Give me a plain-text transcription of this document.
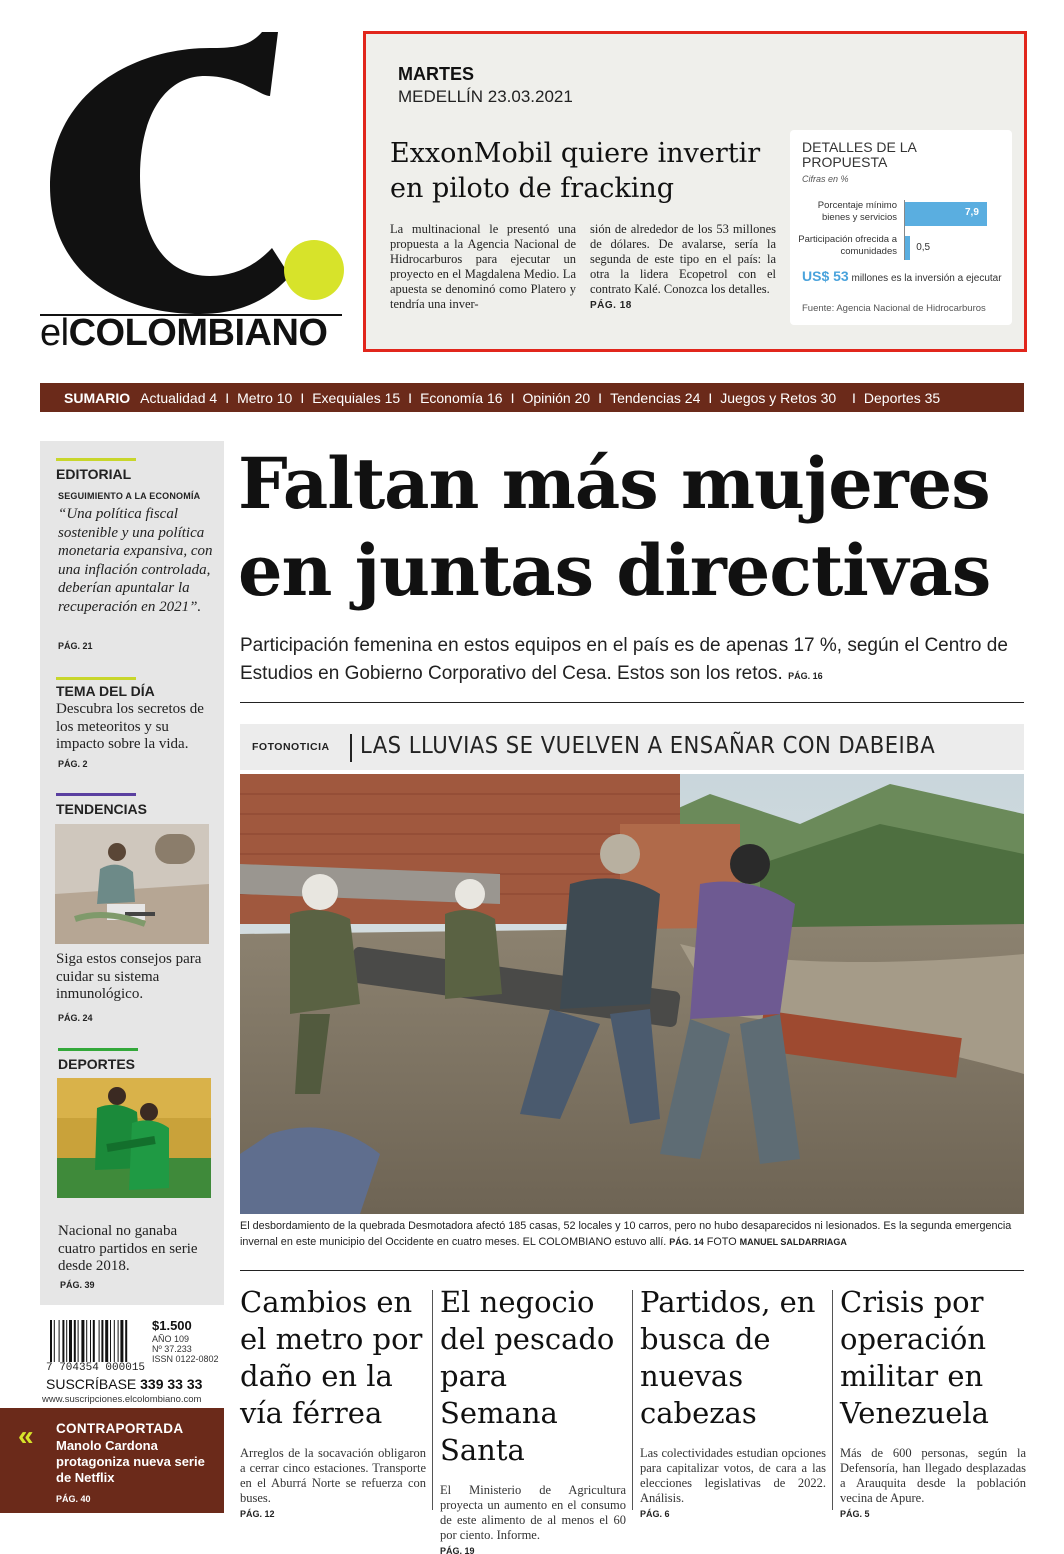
elCOLOMBIANO
MARTES
MEDELLÍN 23.03.2021
ExxonMobil quiere invertir en piloto de fracking
La multinacional le presentó una propuesta a la Agencia Nacional de Hidrocarburos para ejecutar un proyecto en el Magdalena Medio. La apuesta se denominó como Platero y tendría una inver-
sión de alrededor de los 53 millones de dólares. De avalarse, sería la segunda de este tipo en el país: la otra la lidera Ecopetrol con el contrato Kalé. Conozca los detalles.
PÁG. 18
DETALLES DE LA PROPUESTA
Cifras en %
Porcentaje mínimo bienes y servicios
Participación ofrecida a comunidades
7,9
0,5
US$ 53 millones es la inversión a ejecutar
Fuente: Agencia Nacional de Hidrocarburos
SUMARIO Actualidad 4 I Metro 10 I Exequiales 15 I Economía 16 I Opinión 20 I Tendencias 24 I Juegos y Retos 30 I Deportes 35
EDITORIAL
SEGUIMIENTO A LA ECONOMÍA
“Una política fiscal sostenible y una política monetaria expansiva, con una inflación controlada, deberían apuntalar la recuperación en 2021”.
PÁG. 21
TEMA DEL DÍA
Descubra los secretos de los meteoritos y su impacto sobre la vida.
PÁG. 2
TENDENCIAS
Siga estos consejos para cuidar su sistema inmunológico.
PÁG. 24
DEPORTES
Nacional no ganaba cuatro partidos en serie desde 2018.
PÁG. 39
7 704354 000015
$1.500
AÑO 109
Nº 37.233
ISSN 0122-0802
SUSCRÍBASE 339 33 33
www.suscripciones.elcolombiano.com
« CONTRAPORTADA
Manolo Cardona protagoniza nueva serie de Netflix
PÁG. 40
Faltan más mujeres en juntas directivas
Participación femenina en estos equipos en el país es de apenas 17 %, según el Centro de Estudios en Gobierno Corporativo del Cesa. Estos son los retos. PÁG. 16
FOTONOTICIA LAS LLUVIAS SE VUELVEN A ENSAÑAR CON DABEIBA
El desbordamiento de la quebrada Desmotadora afectó 185 casas, 52 locales y 10 carros, pero no hubo desaparecidos ni lesionados. Es la segunda emergencia invernal en este municipio del Occidente en cuatro meses. EL COLOMBIANO estuvo allí. PÁG. 14 FOTO MANUEL SALDARRIAGA
Cambios en el metro por daño en la vía férrea
Arreglos de la socavación obligaron a cerrar cinco estaciones. Transporte en el Aburrá Norte se refuerza con buses.
PÁG. 12
El negocio del pescado para Semana Santa
El Ministerio de Agricultura proyecta un aumento en el consumo de este alimento de al menos el 60 por ciento. Informe.
PÁG. 19
Partidos, en busca de nuevas cabezas
Las colectividades estudian opciones para capitalizar votos, de cara a las elecciones legislativas de 2022. Análisis.
PÁG. 6
Crisis por operación militar en Venezuela
Más de 600 personas, según la Defensoría, han llegado desplazadas a Arauquita desde la población vecina de Apure.
PÁG. 5
